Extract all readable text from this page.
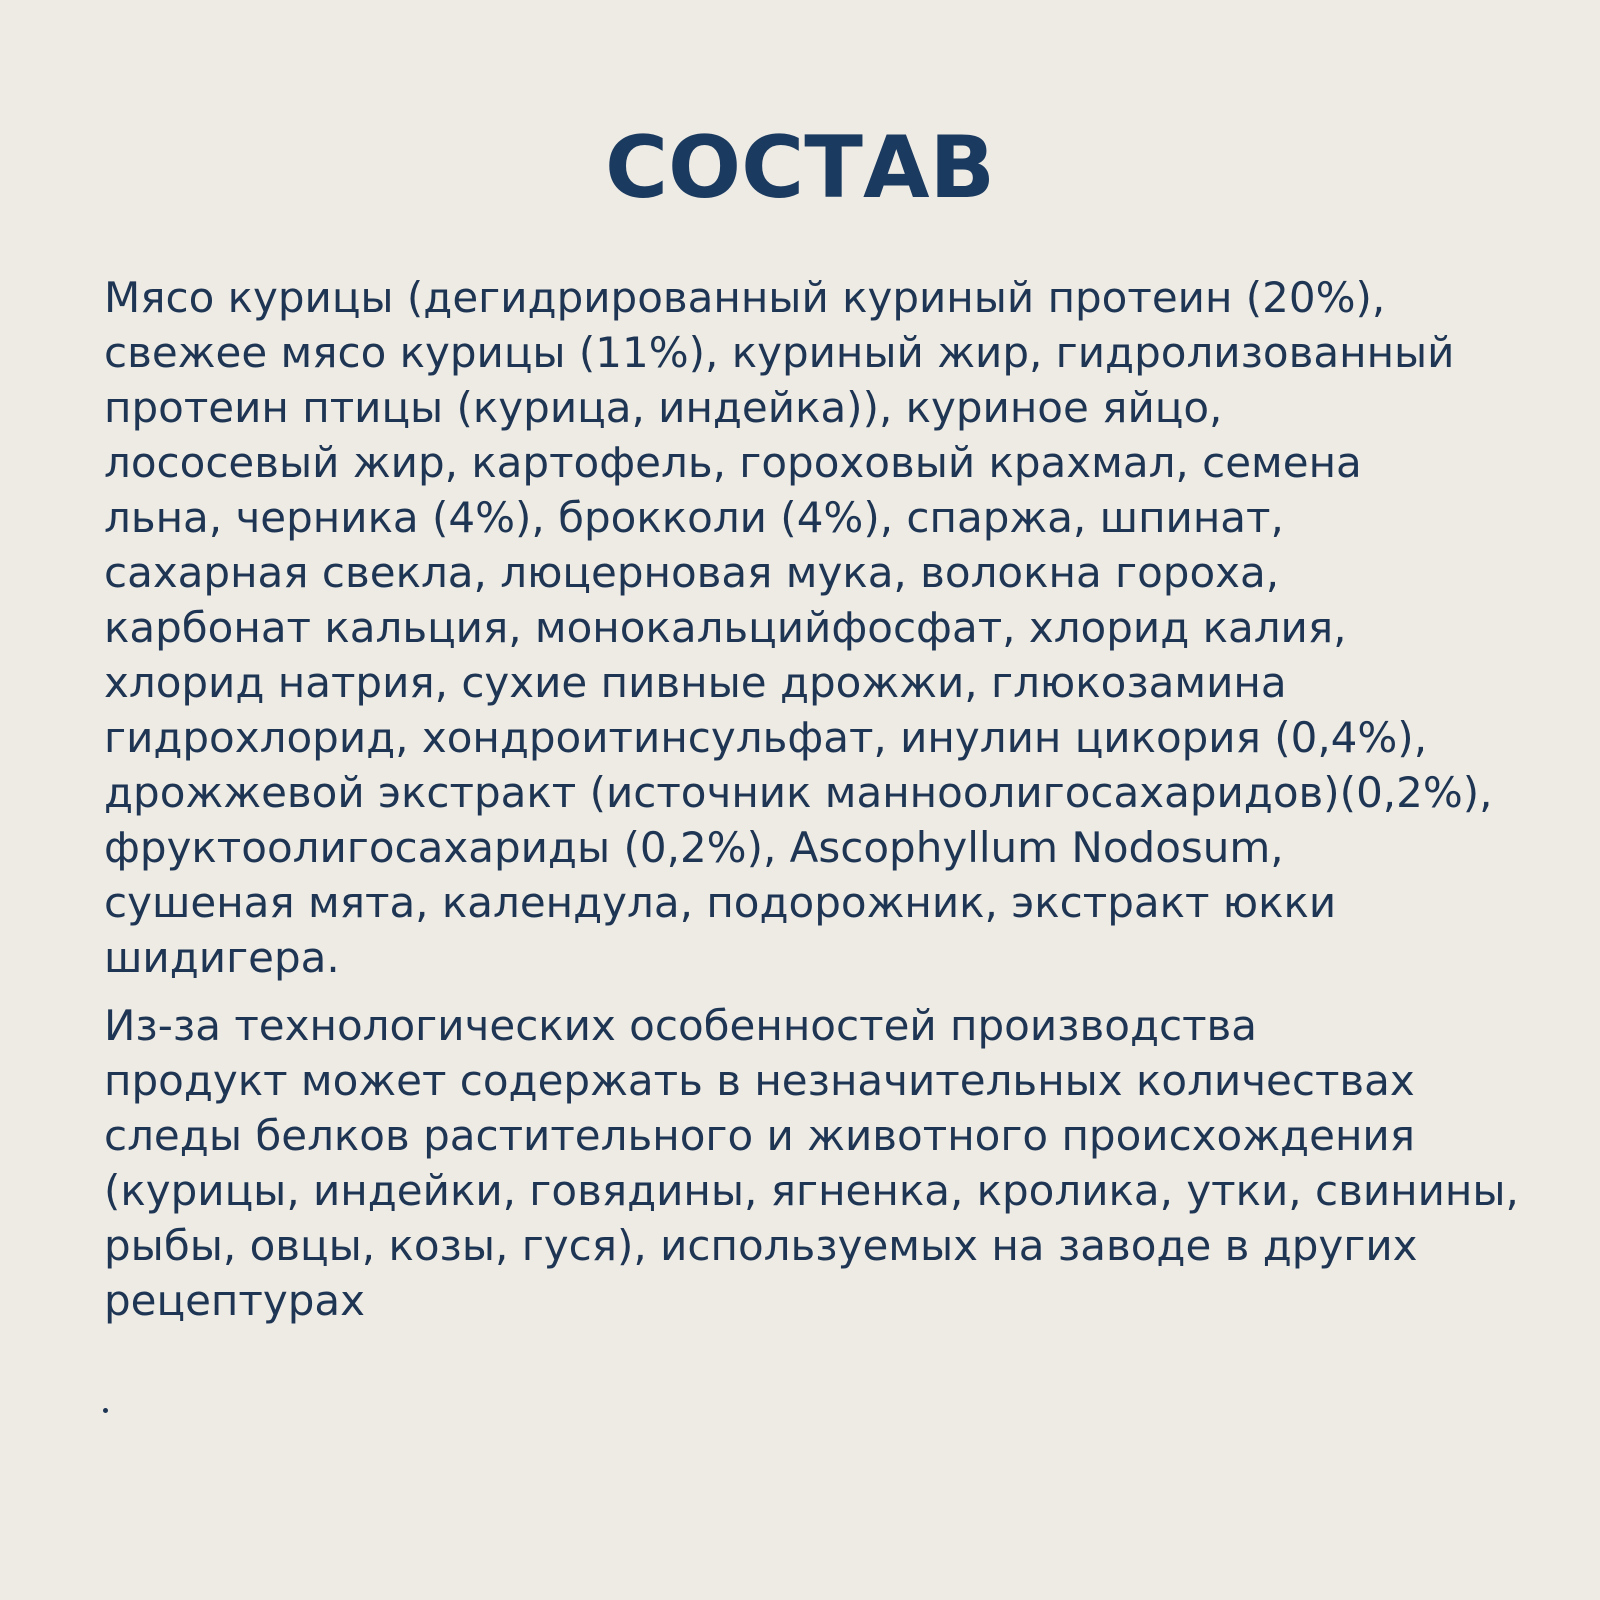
СОСТАВ
Мясо курицы (дегидрированный куриный протеин (20%),
свежее мясо курицы (11%), куриный жир, гидролизованный
протеин птицы (курица, индейка)), куриное яйцо,
лососевый жир, картофель, гороховый крахмал, семена
льна, черника (4%), брокколи (4%), спаржа, шпинат,
сахарная свекла, люцерновая мука, волокна гороха,
карбонат кальция, монокальцийфосфат, хлорид калия,
хлорид натрия, сухие пивные дрожжи, глюкозамина
гидрохлорид, хондроитинсульфат, инулин цикория (0,4%),
дрожжевой экстракт (источник манноолигосахаридов)(0,2%),
фруктоолигосахариды (0,2%), Ascophyllum Nodosum,
сушеная мята, календула, подорожник, экстракт юкки
шидигера.
Из-за технологических особенностей производства
продукт может содержать в незначительных количествах
следы белков растительного и животного происхождения
(курицы, индейки, говядины, ягненка, кролика, утки, свинины,
рыбы, овцы, козы, гуся), используемых на заводе в других
рецептурах
